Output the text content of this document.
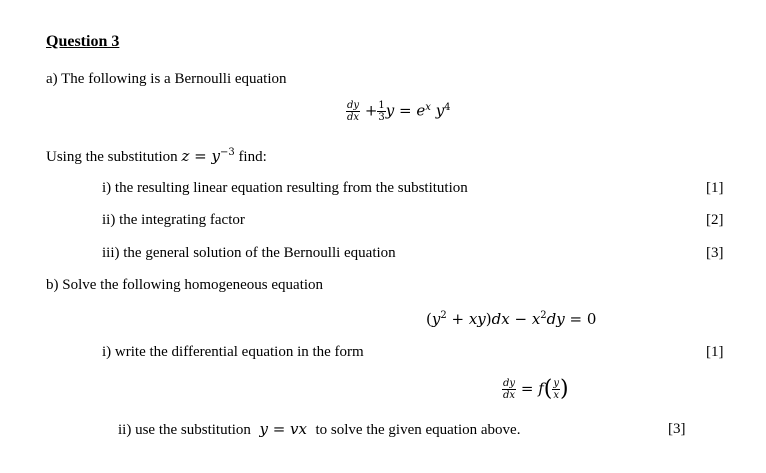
Question 3
a) The following is a Bernoulli equation
$\frac{dy}{dx} + \frac{1}{3}$ $y = e^x$ $y^4$
Using the substitution $z = y^{-3}$ find:
i) the resulting linear equation resulting from the substitution	[1]
ii) the integrating factor	[2]
iii) the general solution of the Bernoulli equation	[3]
b) Solve the following homogeneous equation
$(y^2 + xy)dx - x^2dy = 0$
i) write the differential equation in the form	[1]
$\frac{dy}{dx} = f( \frac{y}{x}$ )
ii) use the substitution  y = vx  to solve the given equation above.	[3]
